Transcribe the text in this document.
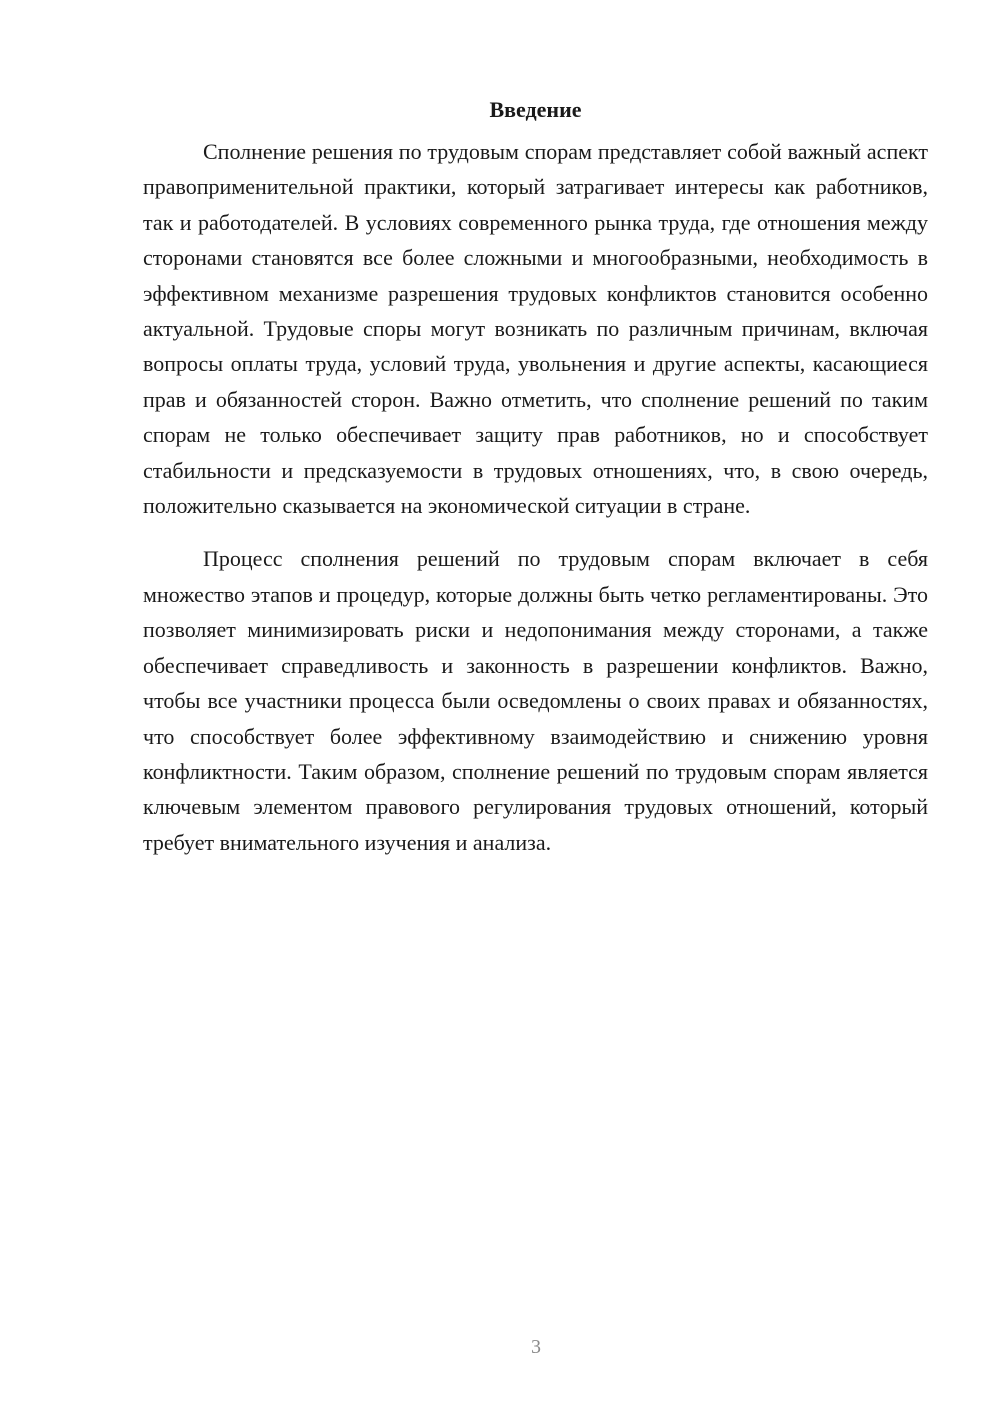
Введение

Сполнение решения по трудовым спорам представляет собой важный аспект правоприменительной практики, который затрагивает интересы как работников, так и работодателей. В условиях современного рынка труда, где отношения между сторонами становятся все более сложными и многообразными, необходимость в эффективном механизме разрешения трудовых конфликтов становится особенно актуальной. Трудовые споры могут возникать по различным причинам, включая вопросы оплаты труда, условий труда, увольнения и другие аспекты, касающиеся прав и обязанностей сторон. Важно отметить, что сполнение решений по таким спорам не только обеспечивает защиту прав работников, но и способствует стабильности и предсказуемости в трудовых отношениях, что, в свою очередь, положительно сказывается на экономической ситуации в стране.

Процесс сполнения решений по трудовым спорам включает в себя множество этапов и процедур, которые должны быть четко регламентированы. Это позволяет минимизировать риски и недопонимания между сторонами, а также обеспечивает справедливость и законность в разрешении конфликтов. Важно, чтобы все участники процесса были осведомлены о своих правах и обязанностях, что способствует более эффективному взаимодействию и снижению уровня конфликтности. Таким образом, сполнение решений по трудовым спорам является ключевым элементом правового регулирования трудовых отношений, который требует внимательного изучения и анализа.

3
